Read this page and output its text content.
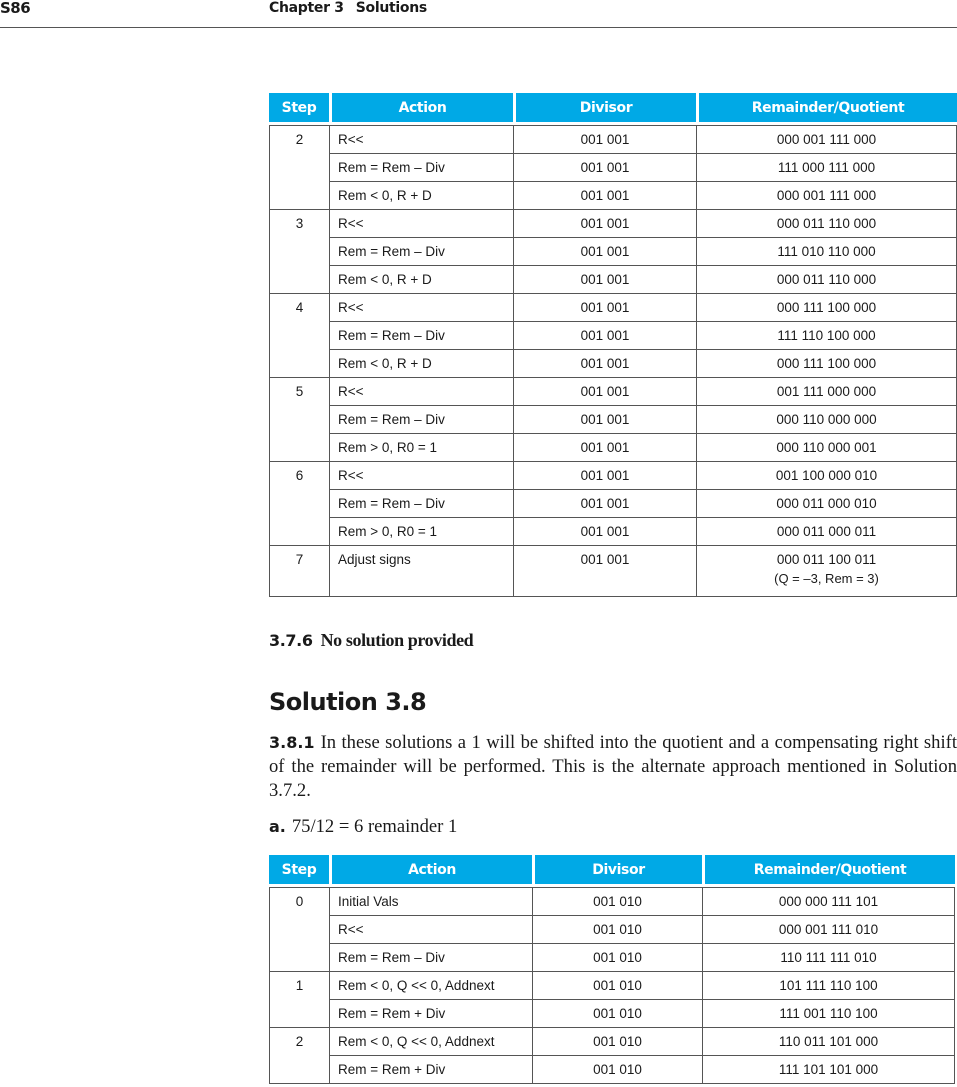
S86	Chapter 3 Solutions
Step	Action	Divisor	Remainder/Quotient

2	R<<	001 001	000 001 111 000
	Rem = Rem – Div	001 001	111 000 111 000
	Rem < 0, R + D	001 001	000 001 111 000
3	R<<	001 001	000 011 110 000
	Rem = Rem – Div	001 001	111 010 110 000
	Rem < 0, R + D	001 001	000 011 110 000
4	R<<	001 001	000 111 100 000
	Rem = Rem – Div	001 001	111 110 100 000
	Rem < 0, R + D	001 001	000 111 100 000
5	R<<	001 001	001 111 000 000
	Rem = Rem – Div	001 001	000 110 000 000
	Rem > 0, R0 = 1	001 001	000 110 000 001
6	R<<	001 001	001 100 000 010
	Rem = Rem – Div	001 001	000 011 000 010
	Rem > 0, R0 = 1	001 001	000 011 000 011
7	Adjust signs	001 001	000 011 100 011
(Q = –3, Rem = 3)
3.7.6 No solution provided
Solution 3.8
3.8.1 In these solutions a 1 will be shifted into the quotient and a compensating right shift of the remainder will be performed. This is the alternate approach mentioned in Solution 3.7.2.
a. 75/12 = 6 remainder 1
Step	Action	Divisor	Remainder/Quotient

0	Initial Vals	001 010	000 000 111 101
	R<<	001 010	000 001 111 010
	Rem = Rem – Div	001 010	110 111 111 010
1	Rem < 0, Q << 0, Addnext	001 010	101 111 110 100
	Rem = Rem + Div	001 010	111 001 110 100
2	Rem < 0, Q << 0, Addnext	001 010	110 011 101 000
	Rem = Rem + Div	001 010	111 101 101 000
